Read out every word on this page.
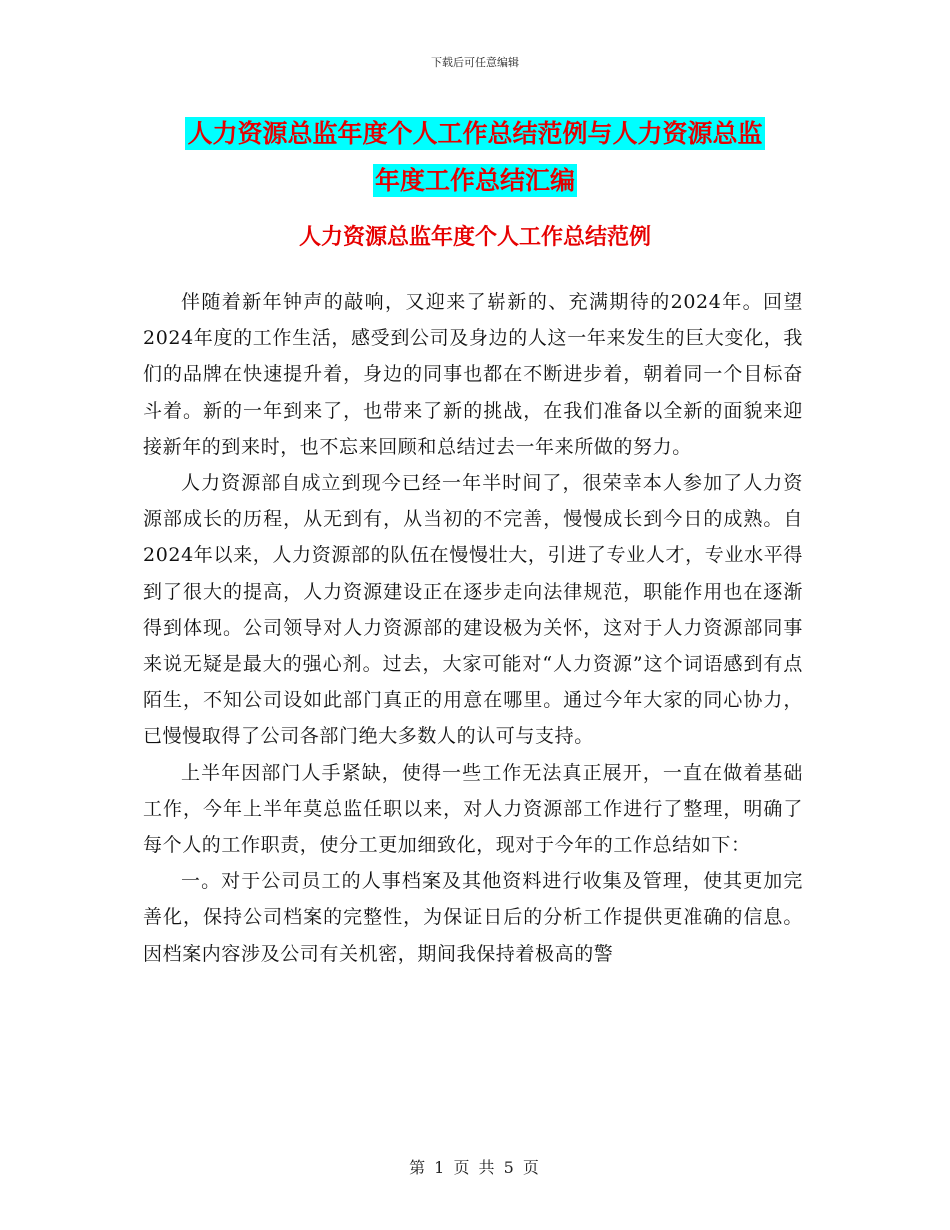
下载后可任意编辑
人力资源总监年度个人工作总结范例与人力资源总监
年度工作总结汇编
人力资源总监年度个人工作总结范例

伴随着新年钟声的敲响，又迎来了崭新的、充满期待的2024年。回望2024年度的工作生活，感受到公司及身边的人这一年来发生的巨大变化，我们的品牌在快速提升着，身边的同事也都在不断进步着，朝着同一个目标奋斗着。新的一年到来了，也带来了新的挑战，在我们准备以全新的面貌来迎接新年的到来时，也不忘来回顾和总结过去一年来所做的努力。

人力资源部自成立到现今已经一年半时间了，很荣幸本人参加了人力资源部成长的历程，从无到有，从当初的不完善，慢慢成长到今日的成熟。自2024年以来，人力资源部的队伍在慢慢壮大，引进了专业人才，专业水平得到了很大的提高，人力资源建设正在逐步走向法律规范，职能作用也在逐渐得到体现。公司领导对人力资源部的建设极为关怀，这对于人力资源部同事来说无疑是最大的强心剂。过去，大家可能对“人力资源”这个词语感到有点陌生，不知公司设如此部门真正的用意在哪里。通过今年大家的同心协力，已慢慢取得了公司各部门绝大多数人的认可与支持。

上半年因部门人手紧缺，使得一些工作无法真正展开，一直在做着基础工作，今年上半年莫总监任职以来，对人力资源部工作进行了整理，明确了每个人的工作职责，使分工更加细致化，现对于今年的工作总结如下：

一。对于公司员工的人事档案及其他资料进行收集及管理，使其更加完善化，保持公司档案的完整性，为保证日后的分析工作提供更准确的信息。因档案内容涉及公司有关机密，期间我保持着极高的警

第 1 页 共 5 页
